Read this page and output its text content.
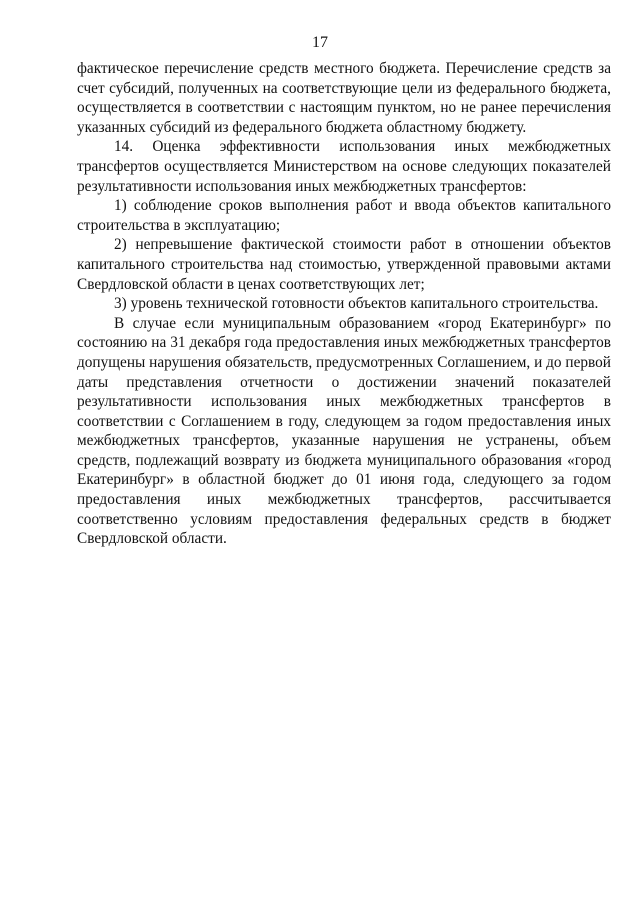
17

фактическое перечисление средств местного бюджета. Перечисление средств за счет субсидий, полученных на соответствующие цели из федерального бюджета, осуществляется в соответствии с настоящим пунктом, но не ранее перечисления указанных субсидий из федерального бюджета областному бюджету.

14. Оценка эффективности использования иных межбюджетных трансфертов осуществляется Министерством на основе следующих показателей результативности использования иных межбюджетных трансфертов:

1) соблюдение сроков выполнения работ и ввода объектов капитального строительства в эксплуатацию;

2) непревышение фактической стоимости работ в отношении объектов капитального строительства над стоимостью, утвержденной правовыми актами Свердловской области в ценах соответствующих лет;

3) уровень технической готовности объектов капитального строительства.

В случае если муниципальным образованием «город Екатеринбург» по состоянию на 31 декабря года предоставления иных межбюджетных трансфертов допущены нарушения обязательств, предусмотренных Соглашением, и до первой даты представления отчетности о достижении значений показателей результативности использования иных межбюджетных трансфертов в соответствии с Соглашением в году, следующем за годом предоставления иных межбюджетных трансфертов, указанные нарушения не устранены, объем средств, подлежащий возврату из бюджета муниципального образования «город Екатеринбург» в областной бюджет до 01 июня года, следующего за годом предоставления иных межбюджетных трансфертов, рассчитывается соответственно условиям предоставления федеральных средств в бюджет Свердловской области.
